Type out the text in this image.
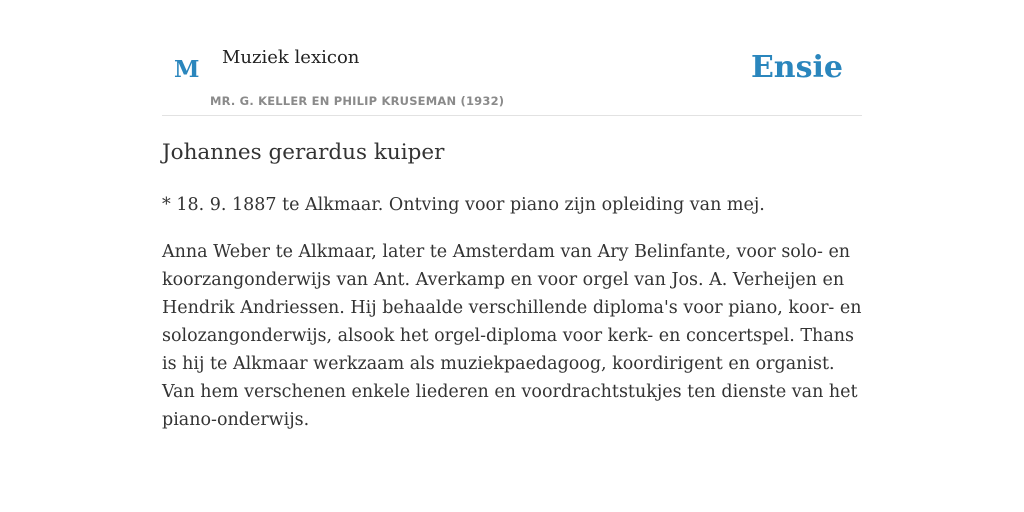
M Muziek lexicon
MR. G. KELLER EN PHILIP KRUSEMAN (1932)
Ensie
Johannes gerardus kuiper

* 18. 9. 1887 te Alkmaar. Ontving voor piano zijn opleiding van mej.

Anna Weber te Alkmaar, later te Amsterdam van Ary Belinfante, voor solo- en koorzangonderwijs van Ant. Averkamp en voor orgel van Jos. A. Verheijen en Hendrik Andriessen. Hij behaalde verschillende diploma's voor piano, koor- en solozangonderwijs, alsook het orgel-diploma voor kerk- en concertspel. Thans is hij te Alkmaar werkzaam als muziekpaedagoog, koordirigent en organist. Van hem verschenen enkele liederen en voordrachtstukjes ten dienste van het piano-onderwijs.
